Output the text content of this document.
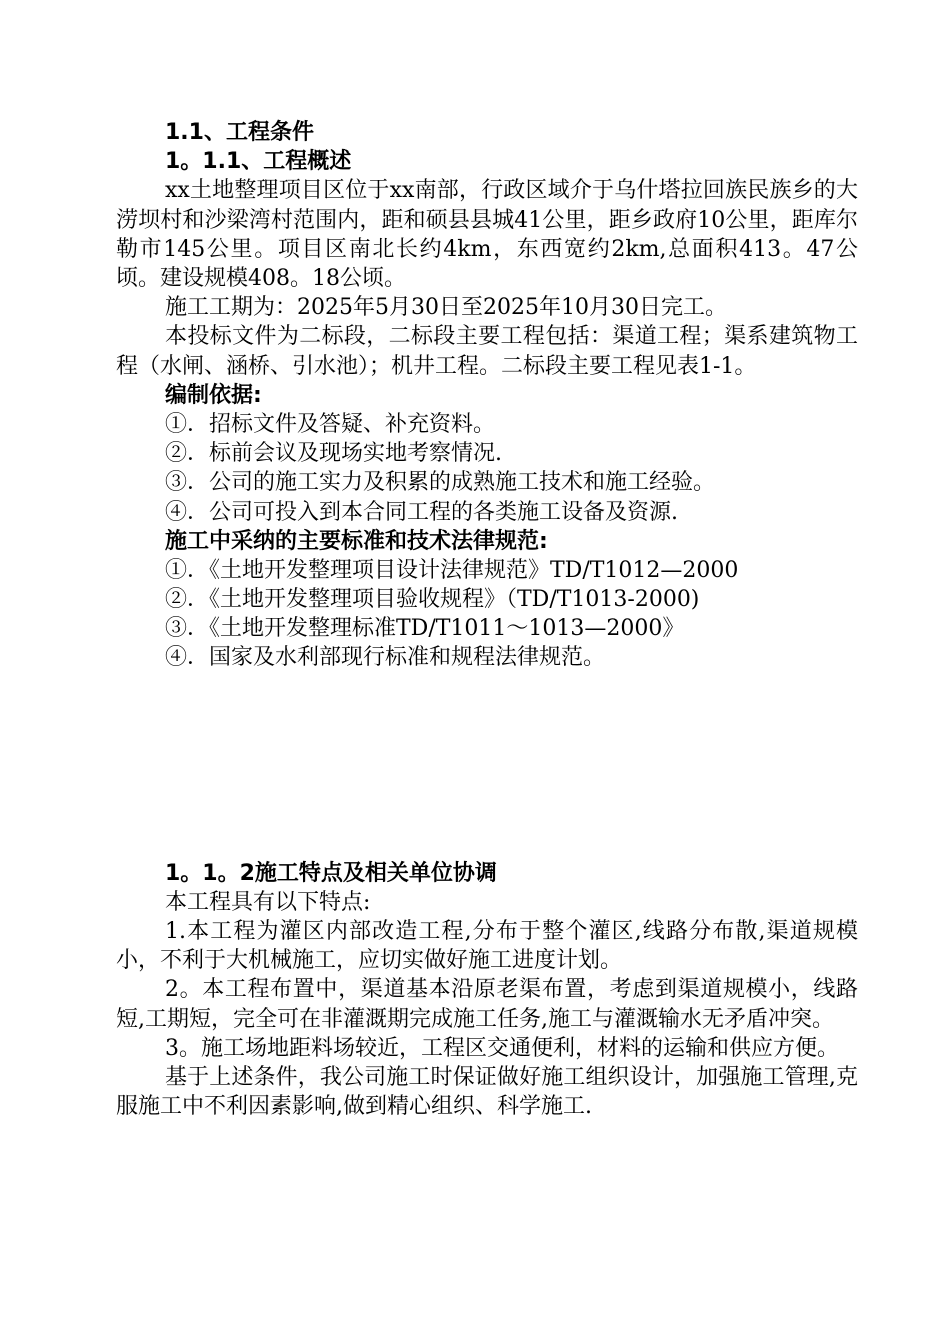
1.1、工程条件
1。1.1、工程概述

xx土地整理项目区位于xx南部，行政区域介于乌什塔拉回族民族乡的大涝坝村和沙梁湾村范围内，距和硕县县城41公里，距乡政府10公里，距库尔勒市145公里。项目区南北长约4km，东西宽约2km,总面积413。47公顷。建设规模408。18公顷。

施工工期为：2025年5月30日至2025年10月30日完工。

本投标文件为二标段，二标段主要工程包括：渠道工程；渠系建筑物工程（水闸、涵桥、引水池）；机井工程。二标段主要工程见表1-1。

编制依据:
①．招标文件及答疑、补充资料。
②．标前会议及现场实地考察情况.
③．公司的施工实力及积累的成熟施工技术和施工经验。
④．公司可投入到本合同工程的各类施工设备及资源.
施工中采纳的主要标准和技术法律规范:
①．《土地开发整理项目设计法律规范》TD/T1012—2000
②．《土地开发整理项目验收规程》（TD/T1013-2000)
③．《土地开发整理标准TD/T1011～1013—2000》
④．国家及水利部现行标准和规程法律规范。
1。1。2施工特点及相关单位协调
本工程具有以下特点:

1.本工程为灌区内部改造工程,分布于整个灌区,线路分布散,渠道规模小，不利于大机械施工，应切实做好施工进度计划。

2。本工程布置中，渠道基本沿原老渠布置，考虑到渠道规模小，线路短,工期短，完全可在非灌溉期完成施工任务,施工与灌溉输水无矛盾冲突。

3。施工场地距料场较近，工程区交通便利，材料的运输和供应方便。

基于上述条件，我公司施工时保证做好施工组织设计，加强施工管理,克服施工中不利因素影响,做到精心组织、科学施工.
